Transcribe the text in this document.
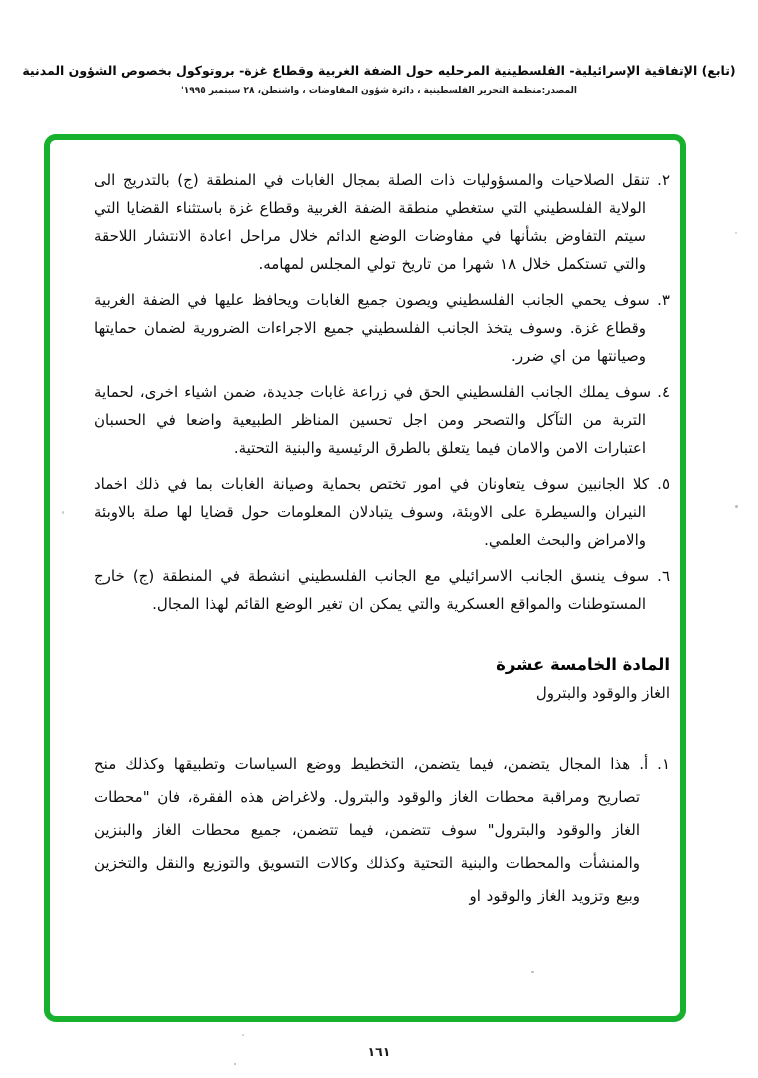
(تابع) الإتفاقية الإسرائيلية- الفلسطينية المرحليه حول الضفة الغربية وقطاع غزة- بروتوكول بخصوص الشؤون المدنية
المصدر:منظمة التحرير الفلسطينية ، دائرة شؤون المفاوضات ، واشنطن، ٢٨ سبتمبر ١٩٩٥'

٢. تنقل الصلاحيات والمسؤوليات ذات الصلة بمجال الغابات في المنطقة (ج) بالتدريج الى الولاية الفلسطيني التي ستغطي منطقة الضفة الغربية وقطاع غزة باستثناء القضايا التي سيتم التفاوض بشأنها في مفاوضات الوضع الدائم خلال مراحل اعادة الانتشار اللاحقة والتي تستكمل خلال ١٨ شهرا من تاريخ تولي المجلس لمهامه.

٣. سوف يحمي الجانب الفلسطيني ويصون جميع الغابات ويحافظ عليها في الضفة الغربية وقطاع غزة. وسوف يتخذ الجانب الفلسطيني جميع الاجراءات الضرورية لضمان حمايتها وصيانتها من اي ضرر.

٤. سوف يملك الجانب الفلسطيني الحق في زراعة غابات جديدة، ضمن اشياء اخرى، لحماية التربة من التآكل والتصحر ومن اجل تحسين المناظر الطبيعية واضعا في الحسبان اعتبارات الامن والامان فيما يتعلق بالطرق الرئيسية والبنية التحتية.

٥. كلا الجانبين سوف يتعاونان في امور تختص بحماية وصيانة الغابات بما في ذلك اخماد النيران والسيطرة على الاوبئة، وسوف يتبادلان المعلومات حول قضايا لها صلة بالاوبئة والامراض والبحث العلمي.

٦. سوف ينسق الجانب الاسرائيلي مع الجانب الفلسطيني انشطة في المنطقة (ج) خارج المستوطنات والمواقع العسكرية والتي يمكن ان تغير الوضع القائم لهذا المجال.

المادة الخامسة عشرة
الغاز والوقود والبترول

١. أ. هذا المجال يتضمن، فيما يتضمن، التخطيط ووضع السياسات وتطبيقها وكذلك منح تصاريح ومراقبة محطات الغاز والوقود والبترول. ولاغراض هذه الفقرة، فان "محطات الغاز والوقود والبترول" سوف تتضمن، فيما تتضمن، جميع محطات الغاز والبنزين والمنشأت والمحطات والبنية التحتية وكذلك وكالات التسويق والتوزيع والنقل والتخزين وبيع وتزويد الغاز والوقود او

١٦١
